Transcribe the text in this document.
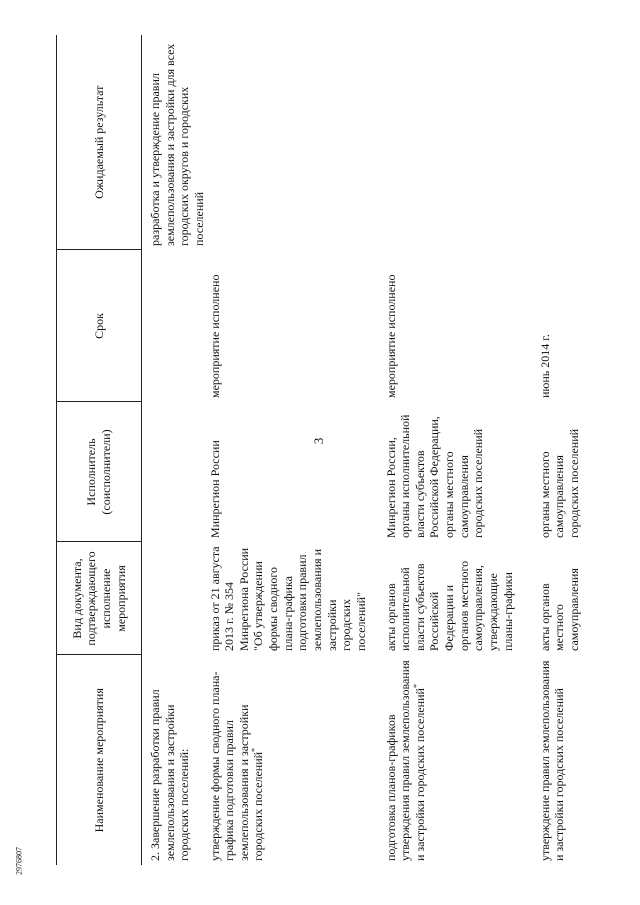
3
2976807
Наименование мероприятия	Вид документа, подтверждающего исполнение мероприятия	Исполнитель (соисполнители)	Срок	Ожидаемый результат
2. Завершение разработки правил землепользования и застройки городских поселений:				разработка и утверждение правил землепользования и застройки для всех городских округов и городских поселений
утверждение формы сводного плана-графика подготовки правил землепользования и застройки городских поселений*	приказ от 21 августа 2013 г. № 354 Минрегиона России "Об утверждении формы сводного плана-графика подготовки правил землепользования и застройки городских поселений"	Минрегион России	мероприятие исполнено	
подготовка планов-графиков утверждения правил землепользования и застройки городских поселений*	акты органов исполнительной власти субъектов Российской Федерации и органов местного самоуправления, утверждающие планы-графики	Минрегион России, органы исполнительной власти субъектов Российской Федерации, органы местного самоуправления городских поселений	мероприятие исполнено	
утверждение правил землепользования и застройки городских поселений	акты органов местного самоуправления	органы местного самоуправления городских поселений	июнь 2014 г.	
